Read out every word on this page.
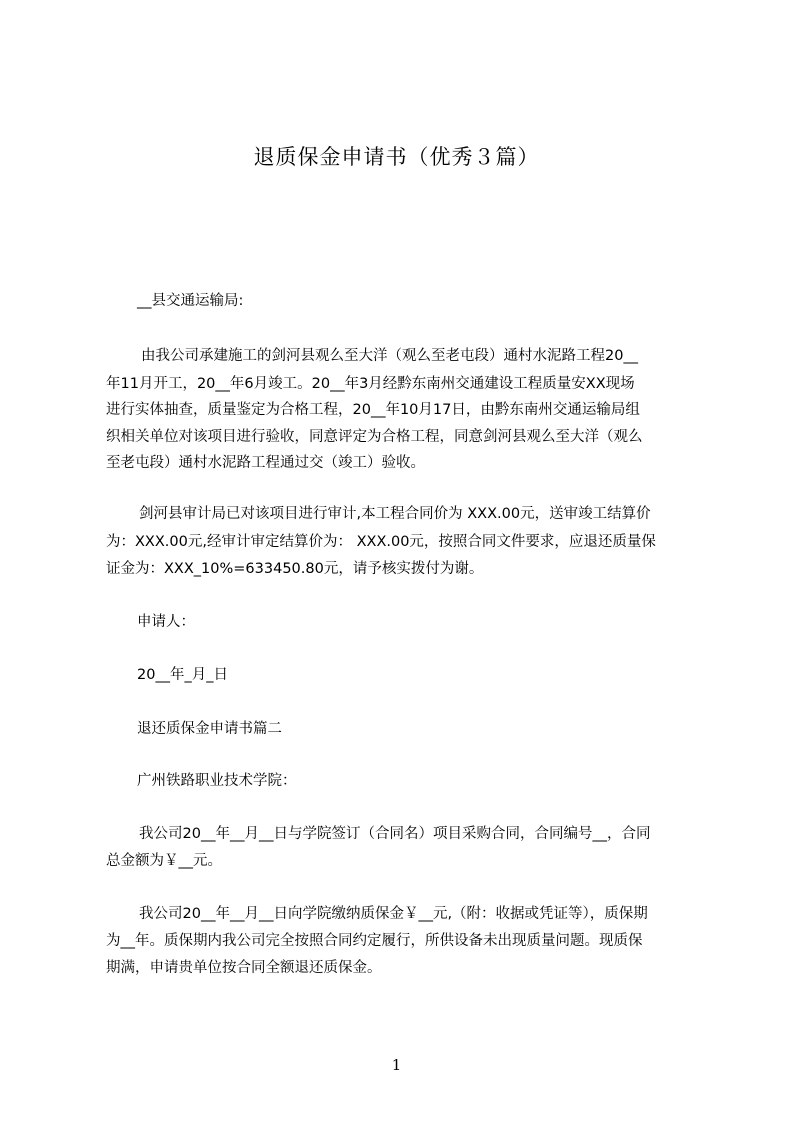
退质保金申请书（优秀３篇）
__县交通运输局:
由我公司承建施工的剑河县观么至大洋（观么至老屯段）通村水泥路工程20__
年11月开工，20__年6月竣工。20__年3月经黔东南州交通建设工程质量安XX现场
进行实体抽查，质量鉴定为合格工程，20__年10月17日，由黔东南州交通运输局组
织相关单位对该项目进行验收，同意评定为合格工程，同意剑河县观么至大洋（观么
至老屯段）通村水泥路工程通过交（竣工）验收。
剑河县审计局已对该项目进行审计,本工程合同价为 XXX.00元，送审竣工结算价
为：XXX.00元,经审计审定结算价为： XXX.00元，按照合同文件要求，应退还质量保
证金为：XXX_10%=633450.80元，请予核实拨付为谢。
申请人：
20__年_月_日
退还质保金申请书篇二
广州铁路职业技术学院：
我公司20__年__月__日与学院签订（合同名）项目采购合同，合同编号__，合同
总金额为￥__元。
我公司20__年__月__日向学院缴纳质保金￥__元,（附：收据或凭证等），质保期
为__年。质保期内我公司完全按照合同约定履行，所供设备未出现质量问题。现质保
期满，申请贵单位按合同全额退还质保金。
1
